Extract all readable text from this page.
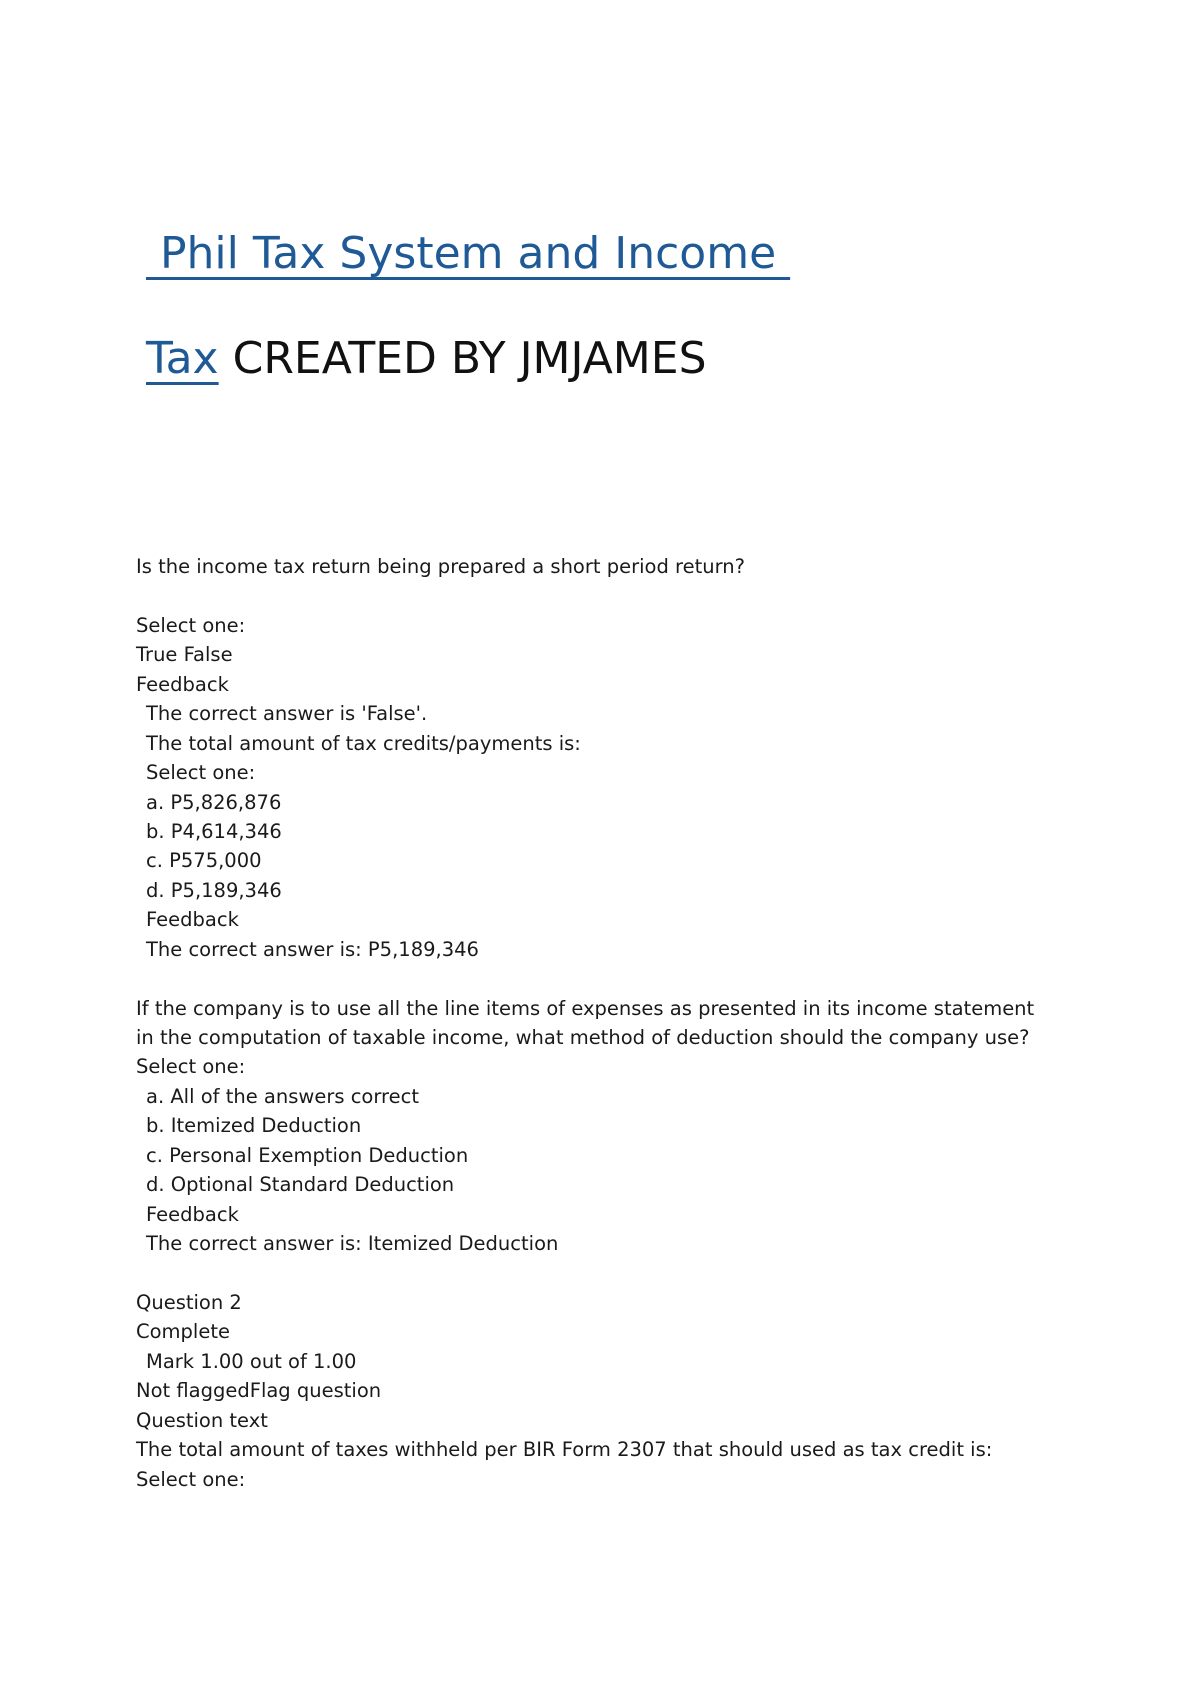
Phil Tax System and Income
Tax CREATED BY JMJAMES
Is the income tax return being prepared a short period return?
Select one:
True False
Feedback
The correct answer is 'False'.
The total amount of tax credits/payments is:
Select one:
a. P5,826,876
b. P4,614,346
c. P575,000
d. P5,189,346
Feedback
The correct answer is: P5,189,346
If the company is to use all the line items of expenses as presented in its income statement
in the computation of taxable income, what method of deduction should the company use?
Select one:
a. All of the answers correct
b. Itemized Deduction
c. Personal Exemption Deduction
d. Optional Standard Deduction
Feedback
The correct answer is: Itemized Deduction
Question 2
Complete
Mark 1.00 out of 1.00
Not flaggedFlag question
Question text
The total amount of taxes withheld per BIR Form 2307 that should used as tax credit is:
Select one:
